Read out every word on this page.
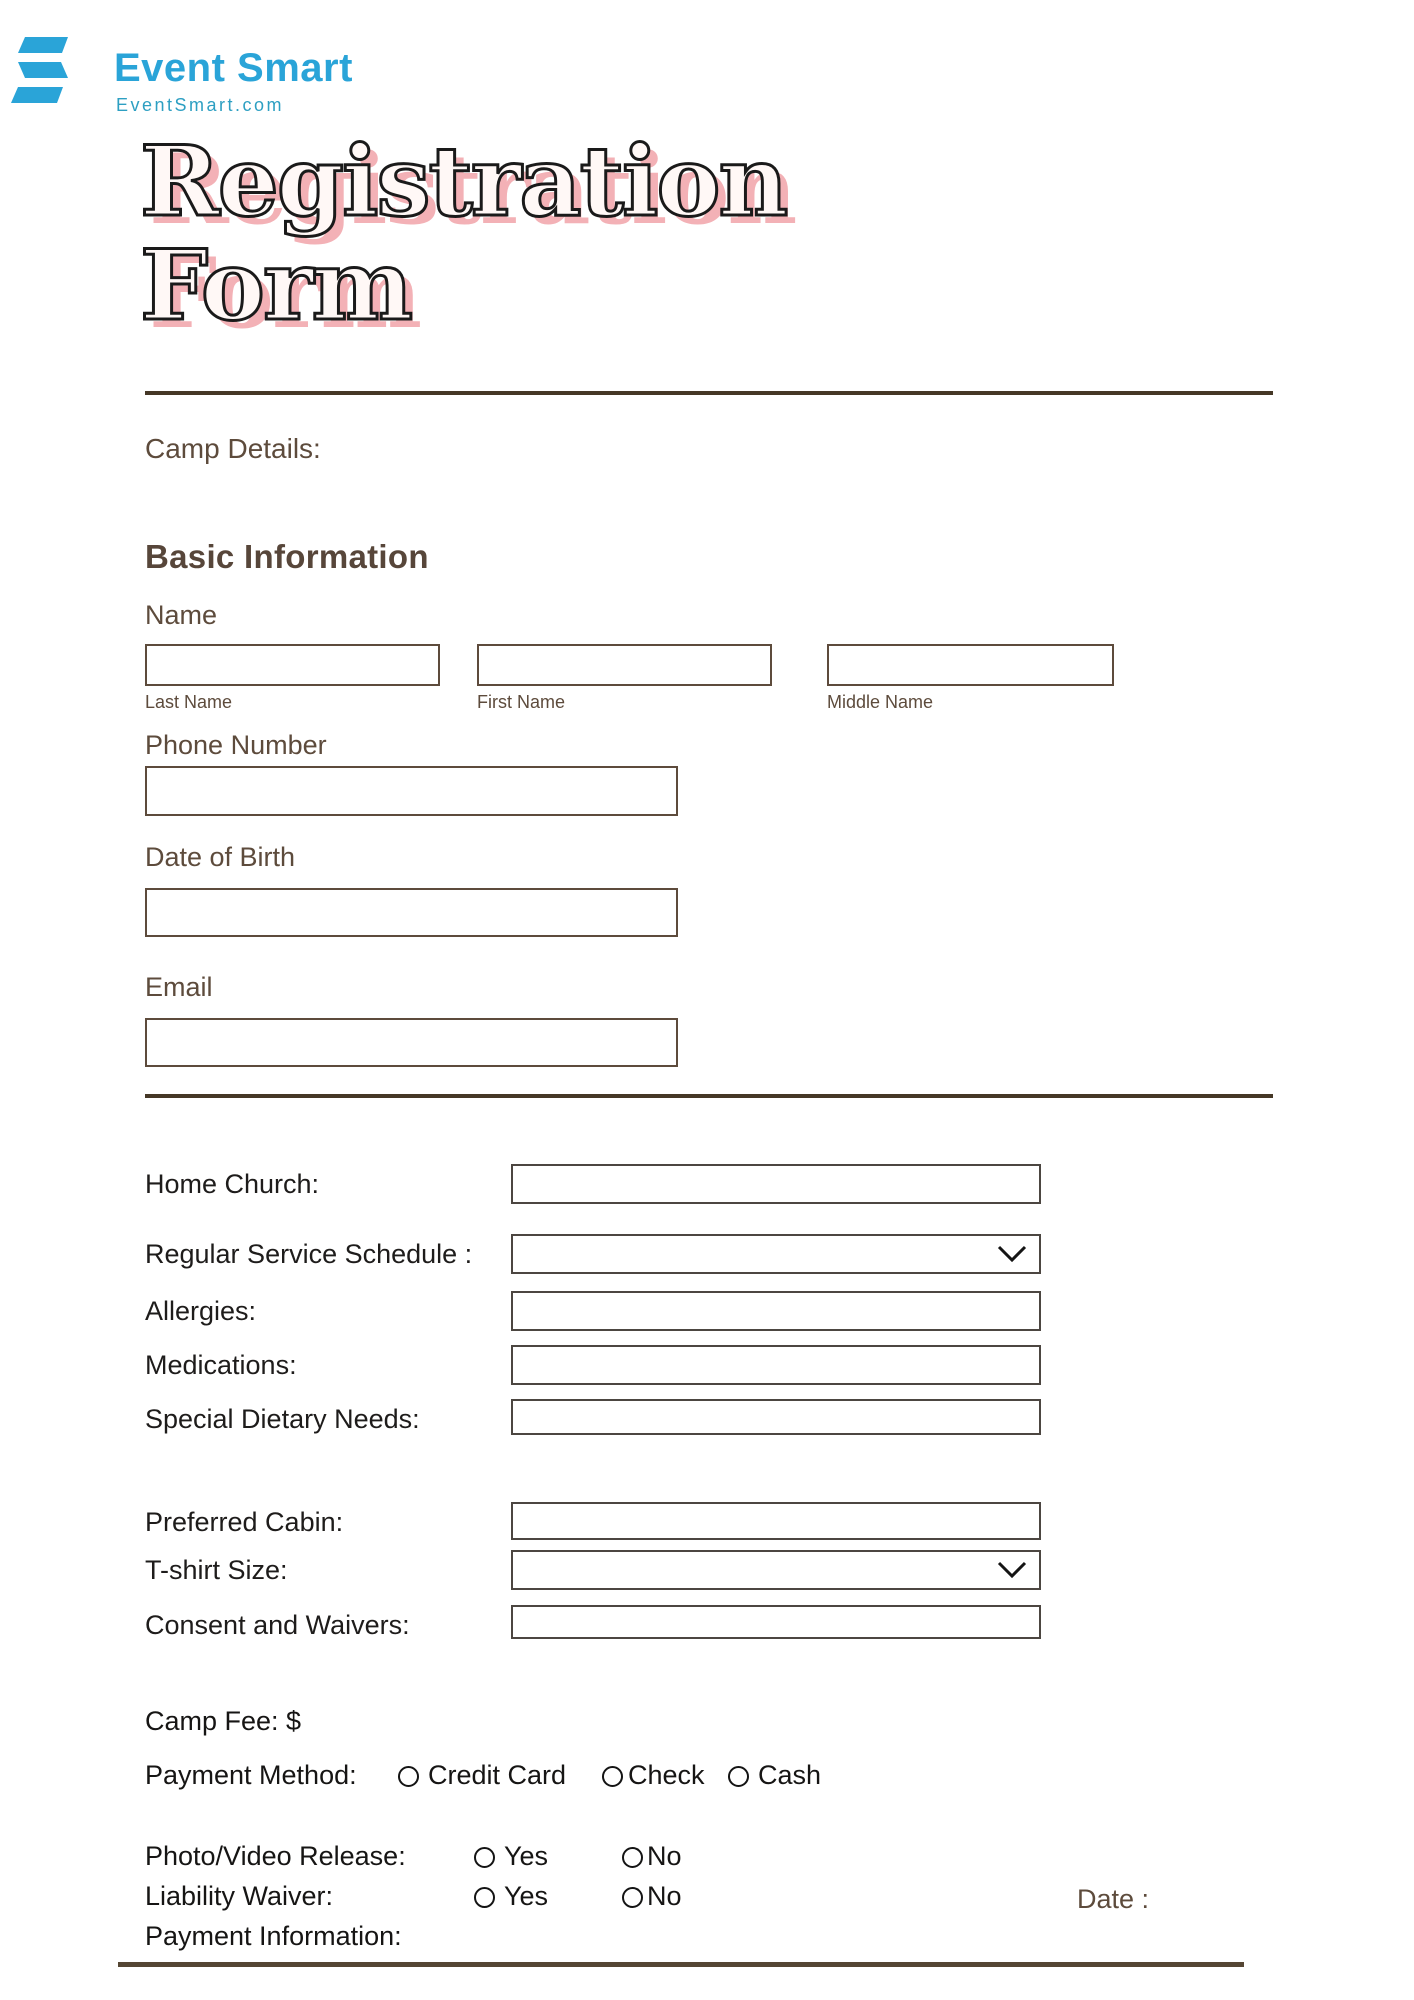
Event Smart
EventSmart.com
Registration
Form
Camp Details:
Basic Information
Name
Last Name	First Name	Middle Name
Phone Number
Date of Birth
Email
Home Church:
Regular Service Schedule :
Allergies:
Medications:
Special Dietary Needs:
Preferred Cabin:
T-shirt Size:
Consent and Waivers:
Camp Fee: $
Payment Method:	Credit Card Check Cash
Photo/Video Release:	Yes	No
Liability Waiver:	Yes	No
Payment Information:
Date :
